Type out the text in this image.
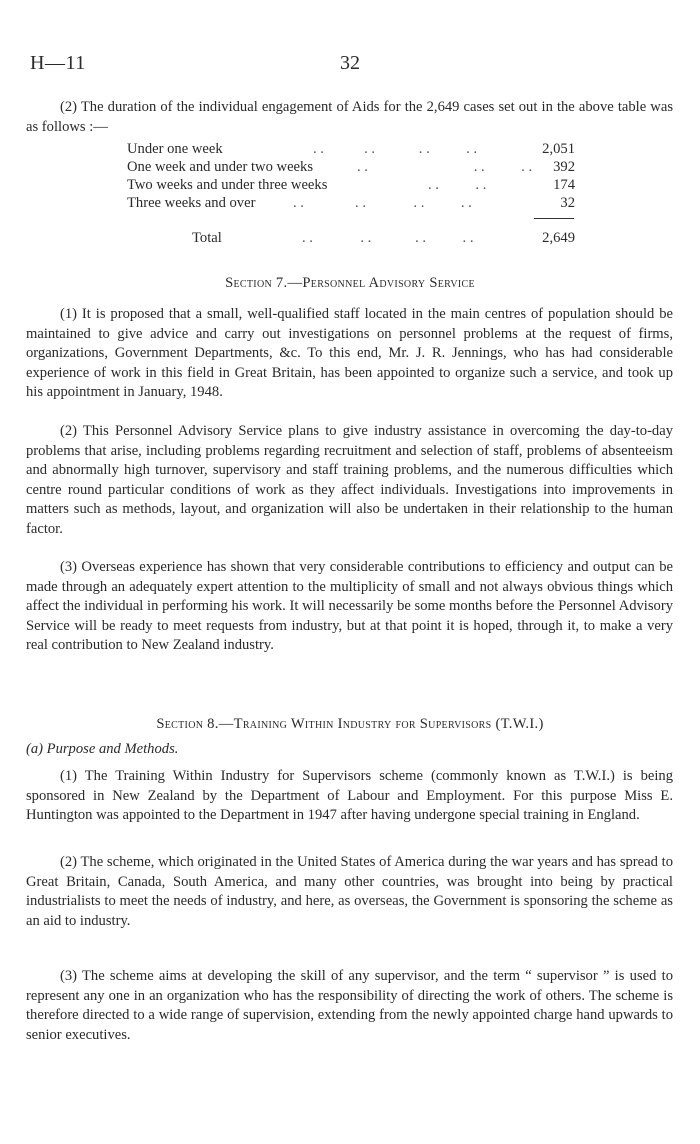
H—11	32

(2) The duration of the individual engagement of Aids for the 2,649 cases set out in the above table was as follows :—

. .           . .            . .          . .
Under one week	2,051
. .                             . .          . .
One week and under two weeks	392
. .          . .
Two weeks and under three weeks	174
. .              . .             . .          . .
Three weeks and over	32
. .             . .            . .          . .
Total	2,649
Section 7.—Personnel Advisory Service

(1) It is proposed that a small, well-qualified staff located in the main centres of population should be maintained to give advice and carry out investigations on personnel problems at the request of firms, organizations, Government Departments, &c. To this end, Mr. J. R. Jennings, who has had considerable experience of work in this field in Great Britain, has been appointed to organize such a service, and took up his appointment in January, 1948.

(2) This Personnel Advisory Service plans to give industry assistance in overcoming the day-to-day problems that arise, including problems regarding recruitment and selection of staff, problems of absenteeism and abnormally high turnover, supervisory and staff training problems, and the numerous difficulties which centre round particular conditions of work as they affect individuals. Investigations into improvements in matters such as methods, layout, and organization will also be undertaken in their relationship to the human factor.

(3) Overseas experience has shown that very considerable contributions to efficiency and output can be made through an adequately expert attention to the multiplicity of small and not always obvious things which affect the individual in performing his work. It will necessarily be some months before the Personnel Advisory Service will be ready to meet requests from industry, but at that point it is hoped, through it, to make a very real contribution to New Zealand industry.

Section 8.—Training Within Industry for Supervisors (T.W.I.)
(a) Purpose and Methods.

(1) The Training Within Industry for Supervisors scheme (commonly known as T.W.I.) is being sponsored in New Zealand by the Department of Labour and Employment. For this purpose Miss E. Huntington was appointed to the Department in 1947 after having undergone special training in England.

(2) The scheme, which originated in the United States of America during the war years and has spread to Great Britain, Canada, South America, and many other countries, was brought into being by practical industrialists to meet the needs of industry, and here, as overseas, the Government is sponsoring the scheme as an aid to industry.

(3) The scheme aims at developing the skill of any supervisor, and the term “ supervisor ” is used to represent any one in an organization who has the responsibility of directing the work of others. The scheme is therefore directed to a wide range of supervision, extending from the newly appointed charge hand upwards to senior executives.
